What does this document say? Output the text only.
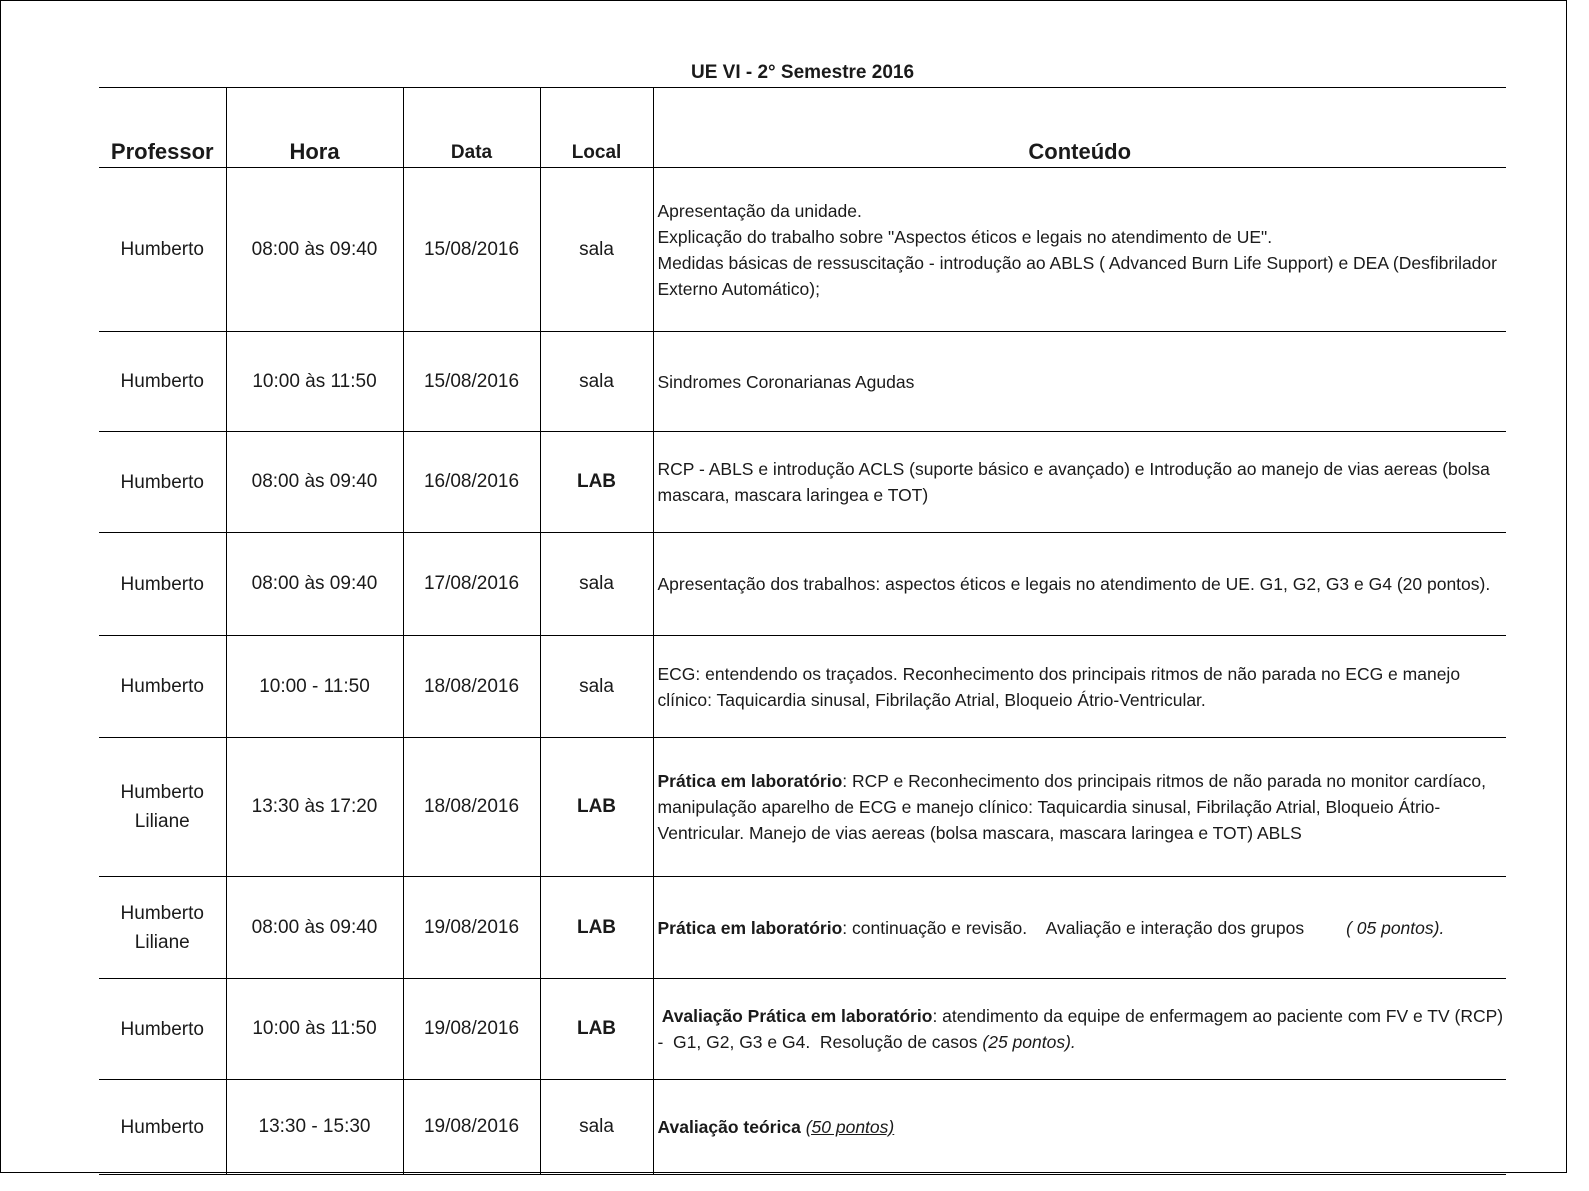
UE VI - 2° Semestre 2016
Professor	Hora	Data	Local	Conteúdo

Humberto	08:00 às 09:40	15/08/2016	sala	Apresentação da unidade.
Explicação do trabalho sobre "Aspectos éticos e legais no atendimento de UE".
Medidas básicas de ressuscitação - introdução ao ABLS ( Advanced Burn Life Support) e DEA (Desfibrilador
Externo Automático);

Humberto	10:00 às 11:50	15/08/2016	sala	Sindromes Coronarianas Agudas

Humberto	08:00 às 09:40	16/08/2016	LAB	RCP - ABLS e introdução ACLS (suporte básico e avançado) e Introdução ao manejo de vias aereas (bolsa
mascara, mascara laringea e TOT)

Humberto	08:00 às 09:40	17/08/2016	sala	Apresentação dos trabalhos: aspectos éticos e legais no atendimento de UE. G1, G2, G3 e G4 (20 pontos).

Humberto	10:00 - 11:50	18/08/2016	sala	ECG: entendendo os traçados. Reconhecimento dos principais ritmos de não parada no ECG e manejo
clínico: Taquicardia sinusal, Fibrilação Atrial, Bloqueio Átrio-Ventricular.

Humberto
Liliane	13:30 às 17:20	18/08/2016	LAB	Prática em laboratório: RCP e Reconhecimento dos principais ritmos de não parada no monitor cardíaco,
manipulação aparelho de ECG e manejo clínico: Taquicardia sinusal, Fibrilação Atrial, Bloqueio Átrio-
Ventricular. Manejo de vias aereas (bolsa mascara, mascara laringea e TOT) ABLS

Humberto
Liliane	08:00 às 09:40	19/08/2016	LAB	Prática em laboratório: continuação e revisão.    Avaliação e interação dos grupos ( 05 pontos).

Humberto	10:00 às 11:50	19/08/2016	LAB	Avaliação Prática em laboratório: atendimento da equipe de enfermagem ao paciente com FV e TV (RCP)
-  G1, G2, G3 e G4.  Resolução de casos (25 pontos).

Humberto	13:30 - 15:30	19/08/2016	sala	Avaliação teórica (50 pontos)
